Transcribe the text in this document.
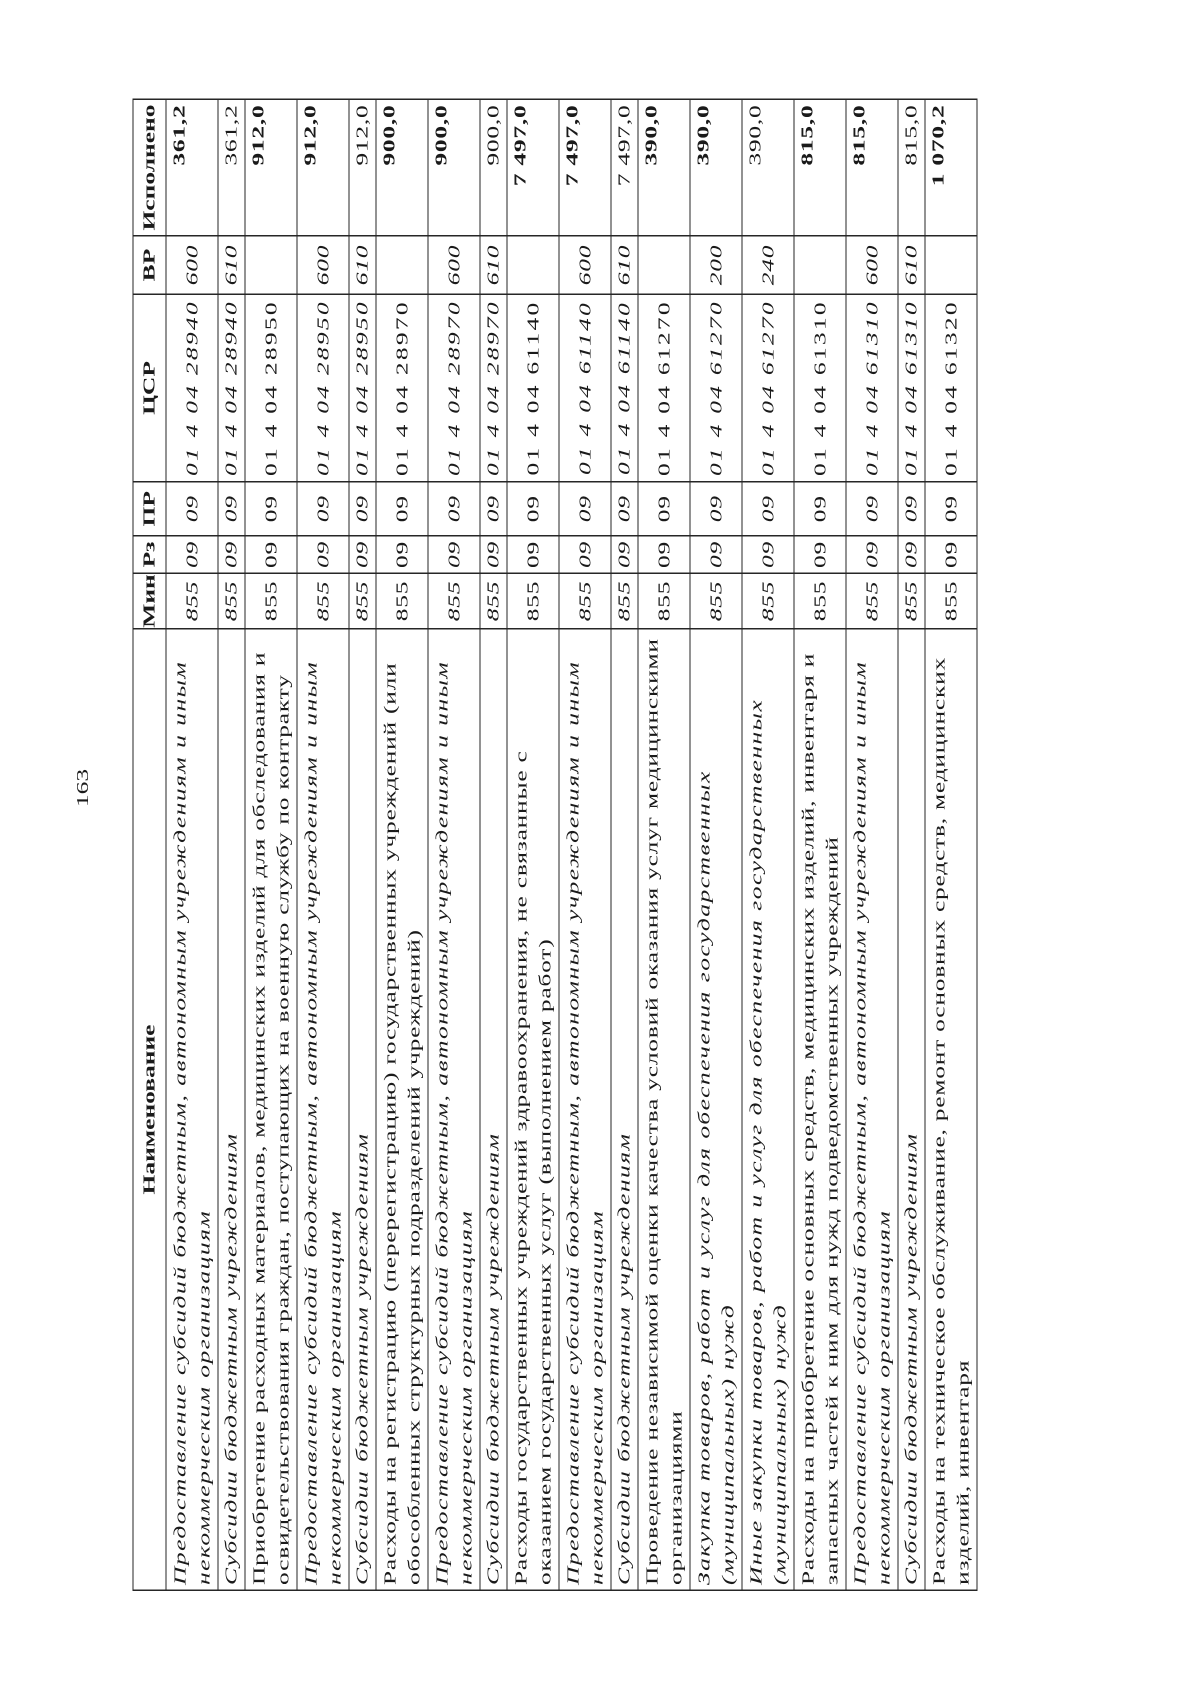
163
Наименование	Мин	Рз	ПР	ЦСР	ВР	Исполнено
Предоставление субсидий бюджетным, автономным учреждениям и иным
некоммерческим организациям	855	09	09	01 4 04 28940	600	361,2
Субсидии бюджетным учреждениям	855	09	09	01 4 04 28940	610	361,2
Приобретение расходных материалов, медицинских изделий для обследования и
освидетельствования граждан, поступающих на военную службу по контракту	855	09	09	01 4 04 28950		912,0
Предоставление субсидий бюджетным, автономным учреждениям и иным
некоммерческим организациям	855	09	09	01 4 04 28950	600	912,0
Субсидии бюджетным учреждениям	855	09	09	01 4 04 28950	610	912,0
Расходы на регистрацию (перерегистрацию) государственных учреждений (или
обособленных структурных подразделений учреждений)	855	09	09	01 4 04 28970		900,0
Предоставление субсидий бюджетным, автономным учреждениям и иным
некоммерческим организациям	855	09	09	01 4 04 28970	600	900,0
Субсидии бюджетным учреждениям	855	09	09	01 4 04 28970	610	900,0
Расходы государственных учреждений здравоохранения, не связанные с
оказанием государственных услуг (выполнением работ)	855	09	09	01 4 04 61140		7 497,0
Предоставление субсидий бюджетным, автономным учреждениям и иным
некоммерческим организациям	855	09	09	01 4 04 61140	600	7 497,0
Субсидии бюджетным учреждениям	855	09	09	01 4 04 61140	610	7 497,0
Проведение независимой оценки качества условий оказания услуг медицинскими
организациями	855	09	09	01 4 04 61270		390,0
Закупка товаров, работ и услуг для обеспечения государственных
(муниципальных) нужд	855	09	09	01 4 04 61270	200	390,0
Иные закупки товаров, работ и услуг для обеспечения государственных
(муниципальных) нужд	855	09	09	01 4 04 61270	240	390,0
Расходы на приобретение основных средств, медицинских изделий, инвентаря и
запасных частей к ним для нужд подведомственных учреждений	855	09	09	01 4 04 61310		815,0
Предоставление субсидий бюджетным, автономным учреждениям и иным
некоммерческим организациям	855	09	09	01 4 04 61310	600	815,0
Субсидии бюджетным учреждениям	855	09	09	01 4 04 61310	610	815,0
Расходы на техническое обслуживание, ремонт основных средств, медицинских
изделий, инвентаря	855	09	09	01 4 04 61320		1 070,2
